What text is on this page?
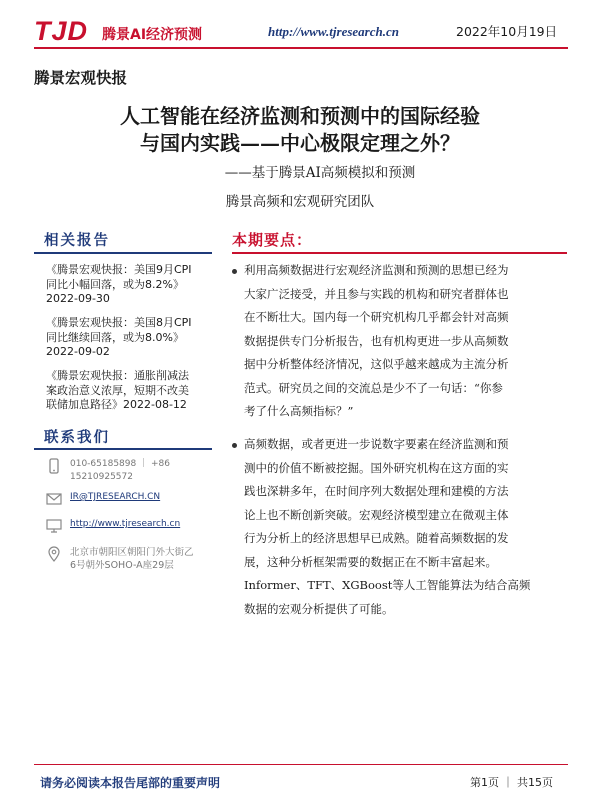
TJD 腾景AI经济预测	http://www.tjresearch.cn	2022年10月19日
腾景宏观快报
人工智能在经济监测和预测中的国际经验
与国内实践——中心极限定理之外？
——基于腾景AI高频模拟和预测
腾景高频和宏观研究团队
相关报告
《腾景宏观快报：美国9月CPI
同比小幅回落，或为8.2%》
2022-09-30
《腾景宏观快报：美国8月CPI
同比继续回落，或为8.0%》
2022-09-02
《腾景宏观快报：通胀削减法
案政治意义浓厚，短期不改美
联储加息路径》2022-08-12
联系我们
010-65185898 ｜ +86
15210925572
IR@TJRESEARCH.CN
http://www.tjresearch.cn
北京市朝阳区朝阳门外大街乙
6号朝外SOHO-A座29层
本期要点：
利用高频数据进行宏观经济监测和预测的思想已经为
大家广泛接受，并且参与实践的机构和研究者群体也
在不断壮大。国内每一个研究机构几乎都会针对高频
数据提供专门分析报告，也有机构更进一步从高频数
据中分析整体经济情况，这似乎越来越成为主流分析
范式。研究员之间的交流总是少不了一句话：“你参
考了什么高频指标？”
高频数据，或者更进一步说数字要素在经济监测和预
测中的价值不断被挖掘。国外研究机构在这方面的实
践也深耕多年，在时间序列大数据处理和建模的方法
论上也不断创新突破。宏观经济模型建立在微观主体
行为分析上的经济思想早已成熟。随着高频数据的发
展，这种分析框架需要的数据正在不断丰富起来。
Informer、TFT、XGBoost等人工智能算法为结合高频
数据的宏观分析提供了可能。
请务必阅读本报告尾部的重要声明	第1页 ｜ 共15页
